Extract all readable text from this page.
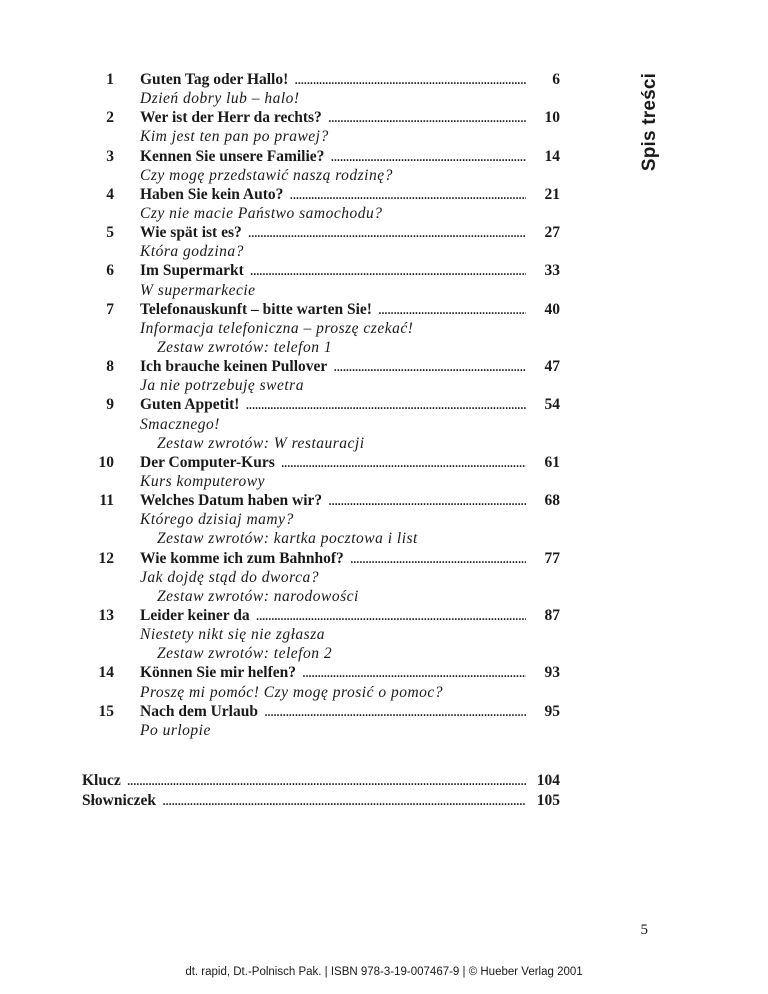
Spis treści
1 Guten Tag oder Hallo! . . .	6
Dzień dobry lub – halo!
2 Wer ist der Herr da rechts? . . .	10
Kim jest ten pan po prawej?
3 Kennen Sie unsere Familie? . . .	14
Czy mogę przedstawić naszą rodzinę?
4 Haben Sie kein Auto? . . .	21
Czy nie macie Państwo samochodu?
5 Wie spät ist es? . . .	27
Która godzina?
6 Im Supermarkt . . .	33
W supermarkecie
7 Telefonauskunft – bitte warten Sie! . . .	40
Informacja telefoniczna – proszę czekać!
Zestaw zwrotów: telefon 1
8 Ich brauche keinen Pullover . . .	47
Ja nie potrzebuję swetra
9 Guten Appetit! . . .	54
Smacznego!
Zestaw zwrotów: W restauracji
10 Der Computer-Kurs . . .	61
Kurs komputerowy
11 Welches Datum haben wir? . . .	68
Którego dzisiaj mamy?
Zestaw zwrotów: kartka pocztowa i list
12 Wie komme ich zum Bahnhof? . . .	77
Jak dojdę stąd do dworca?
Zestaw zwrotów: narodowości
13 Leider keiner da . . .	87
Niestety nikt się nie zgłasza
Zestaw zwrotów: telefon 2
14 Können Sie mir helfen? . . .	93
Proszę mi pomóc! Czy mogę prosić o pomoc?
15 Nach dem Urlaub . . .	95
Po urlopie
Klucz . . .	104
Słowniczek . . .	105
5
dt. rapid, Dt.-Polnisch Pak. | ISBN 978-3-19-007467-9 | © Hueber Verlag 2001
